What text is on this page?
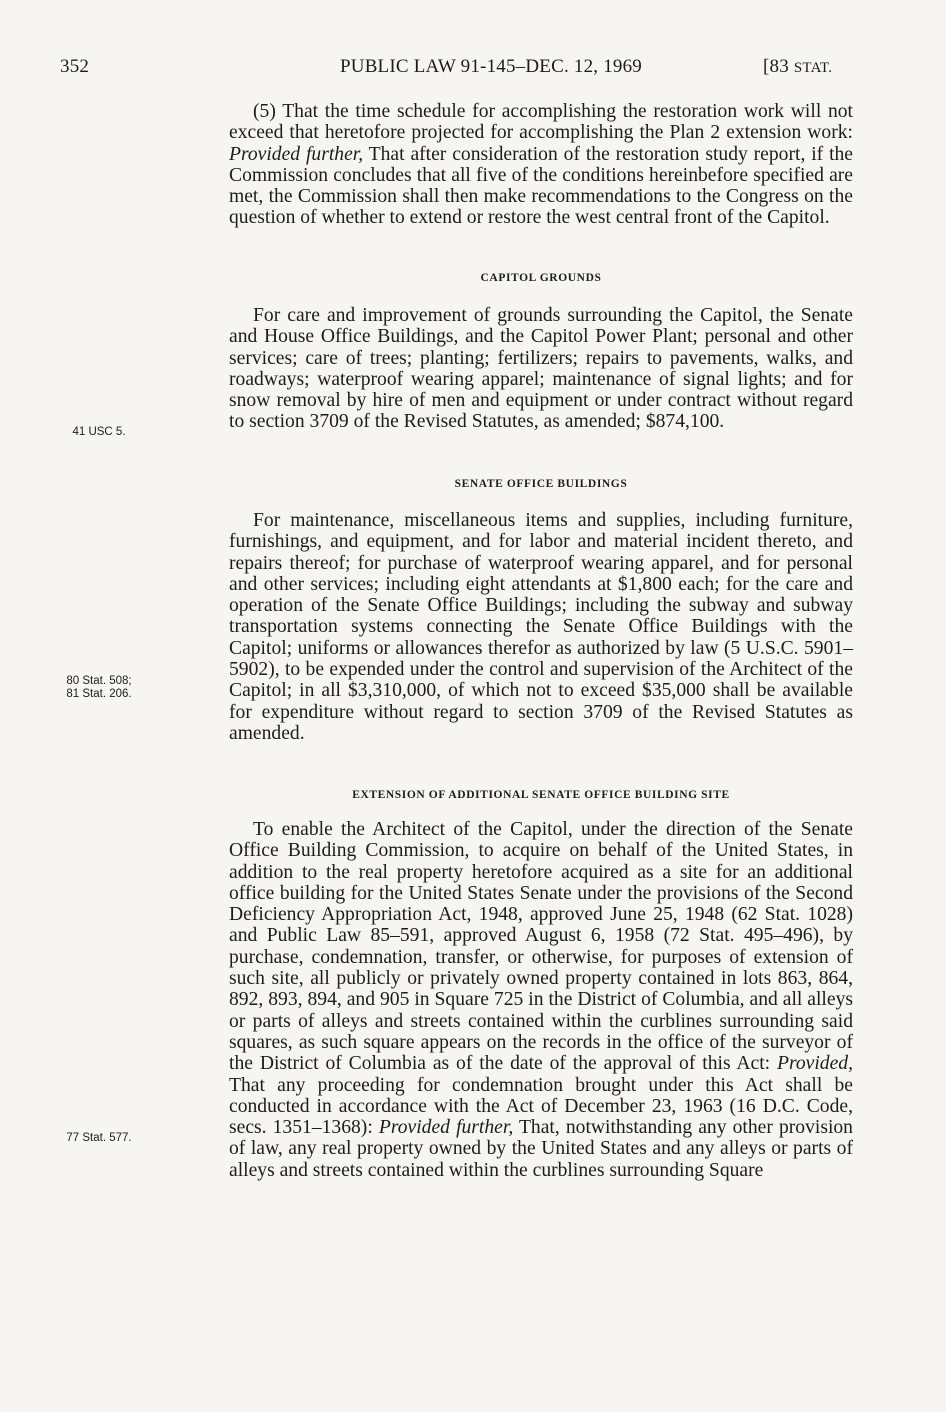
352	PUBLIC LAW 91-145–DEC. 12, 1969	[83 STAT.

(5) That the time schedule for accomplishing the restoration work will not exceed that heretofore projected for accomplishing the Plan 2 extension work: Provided further, That after consideration of the restoration study report, if the Commission concludes that all five of the conditions hereinbefore specified are met, the Commission shall then make recommendations to the Congress on the question of whether to extend or restore the west central front of the Capitol.

CAPITOL GROUNDS

For care and improvement of grounds surrounding the Capitol, the Senate and House Office Buildings, and the Capitol Power Plant; personal and other services; care of trees; planting; fertilizers; repairs to pavements, walks, and roadways; waterproof wearing apparel; maintenance of signal lights; and for snow removal by hire of men and equipment or under contract without regard to section 3709 of the Revised Statutes, as amended; $874,100.

SENATE OFFICE BUILDINGS

For maintenance, miscellaneous items and supplies, including furniture, furnishings, and equipment, and for labor and material incident thereto, and repairs thereof; for purchase of waterproof wearing apparel, and for personal and other services; including eight attendants at $1,800 each; for the care and operation of the Senate Office Buildings; including the subway and subway transportation systems connecting the Senate Office Buildings with the Capitol; uniforms or allowances therefor as authorized by law (5 U.S.C. 5901–5902), to be expended under the control and supervision of the Architect of the Capitol; in all $3,310,000, of which not to exceed $35,000 shall be available for expenditure without regard to section 3709 of the Revised Statutes as amended.

EXTENSION OF ADDITIONAL SENATE OFFICE BUILDING SITE

To enable the Architect of the Capitol, under the direction of the Senate Office Building Commission, to acquire on behalf of the United States, in addition to the real property heretofore acquired as a site for an additional office building for the United States Senate under the provisions of the Second Deficiency Appropriation Act, 1948, approved June 25, 1948 (62 Stat. 1028) and Public Law 85–591, approved August 6, 1958 (72 Stat. 495–496), by purchase, condemnation, transfer, or otherwise, for purposes of extension of such site, all publicly or privately owned property contained in lots 863, 864, 892, 893, 894, and 905 in Square 725 in the District of Columbia, and all alleys or parts of alleys and streets contained within the curblines surrounding said squares, as such square appears on the records in the office of the surveyor of the District of Columbia as of the date of the approval of this Act: Provided, That any proceeding for condemnation brought under this Act shall be conducted in accordance with the Act of December 23, 1963 (16 D.C. Code, secs. 1351–1368): Provided further, That, notwithstanding any other provision of law, any real property owned by the United States and any alleys or parts of alleys and streets contained within the curblines surrounding Square

41 USC 5.
80 Stat. 508;
81 Stat. 206.
77 Stat. 577.
